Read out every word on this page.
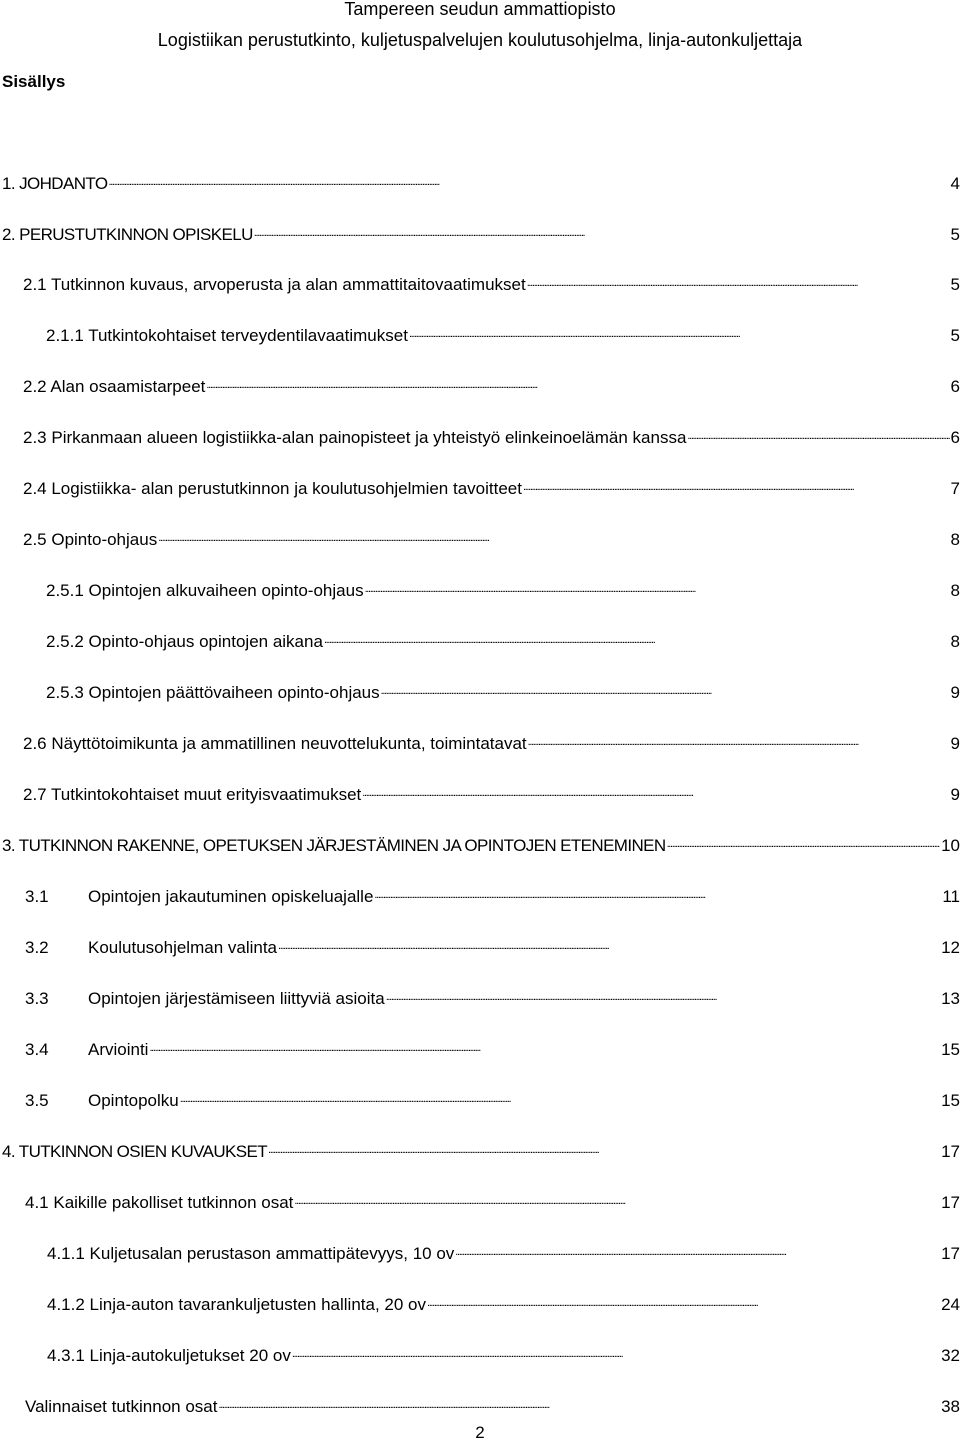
Tampereen seudun ammattiopisto
Logistiikan perustutkinto, kuljetuspalvelujen koulutusohjelma, linja-autonkuljettaja
Sisällys
1. JOHDANTO . . .	4
2. PERUSTUTKINNON OPISKELU . . .	5
2.1 Tutkinnon kuvaus, arvoperusta ja alan ammattitaitovaatimukset . . .	5
2.1.1 Tutkintokohtaiset terveydentilavaatimukset . . .	5
2.2 Alan osaamistarpeet . . .	6
2.3 Pirkanmaan alueen logistiikka-alan painopisteet ja yhteistyö elinkeinoelämän kanssa . . .	6
2.4 Logistiikka- alan perustutkinnon ja koulutusohjelmien tavoitteet . . .	7
2.5 Opinto-ohjaus . . .	8
2.5.1 Opintojen alkuvaiheen opinto-ohjaus . . .	8
2.5.2 Opinto-ohjaus opintojen aikana . . .	8
2.5.3 Opintojen päättövaiheen opinto-ohjaus . . .	9
2.6 Näyttötoimikunta ja ammatillinen neuvottelukunta, toimintatavat . . .	9
2.7 Tutkintokohtaiset muut erityisvaatimukset . . .	9
3. TUTKINNON RAKENNE, OPETUKSEN JÄRJESTÄMINEN JA OPINTOJEN ETENEMINEN . . .	10
3.1	Opintojen jakautuminen opiskeluajalle . . .	11
3.2	Koulutusohjelman valinta . . .	12
3.3	Opintojen järjestämiseen liittyviä asioita . . .	13
3.4	Arviointi . . .	15
3.5	Opintopolku . . .	15
4. TUTKINNON OSIEN KUVAUKSET . . .	17
4.1 Kaikille pakolliset tutkinnon osat . . .	17
4.1.1 Kuljetusalan perustason ammattipätevyys, 10 ov . . .	17
4.1.2 Linja-auton tavarankuljetusten hallinta, 20 ov . . .	24
4.3.1 Linja-autokuljetukset 20 ov . . .	32
Valinnaiset tutkinnon osat . . .	38
2
